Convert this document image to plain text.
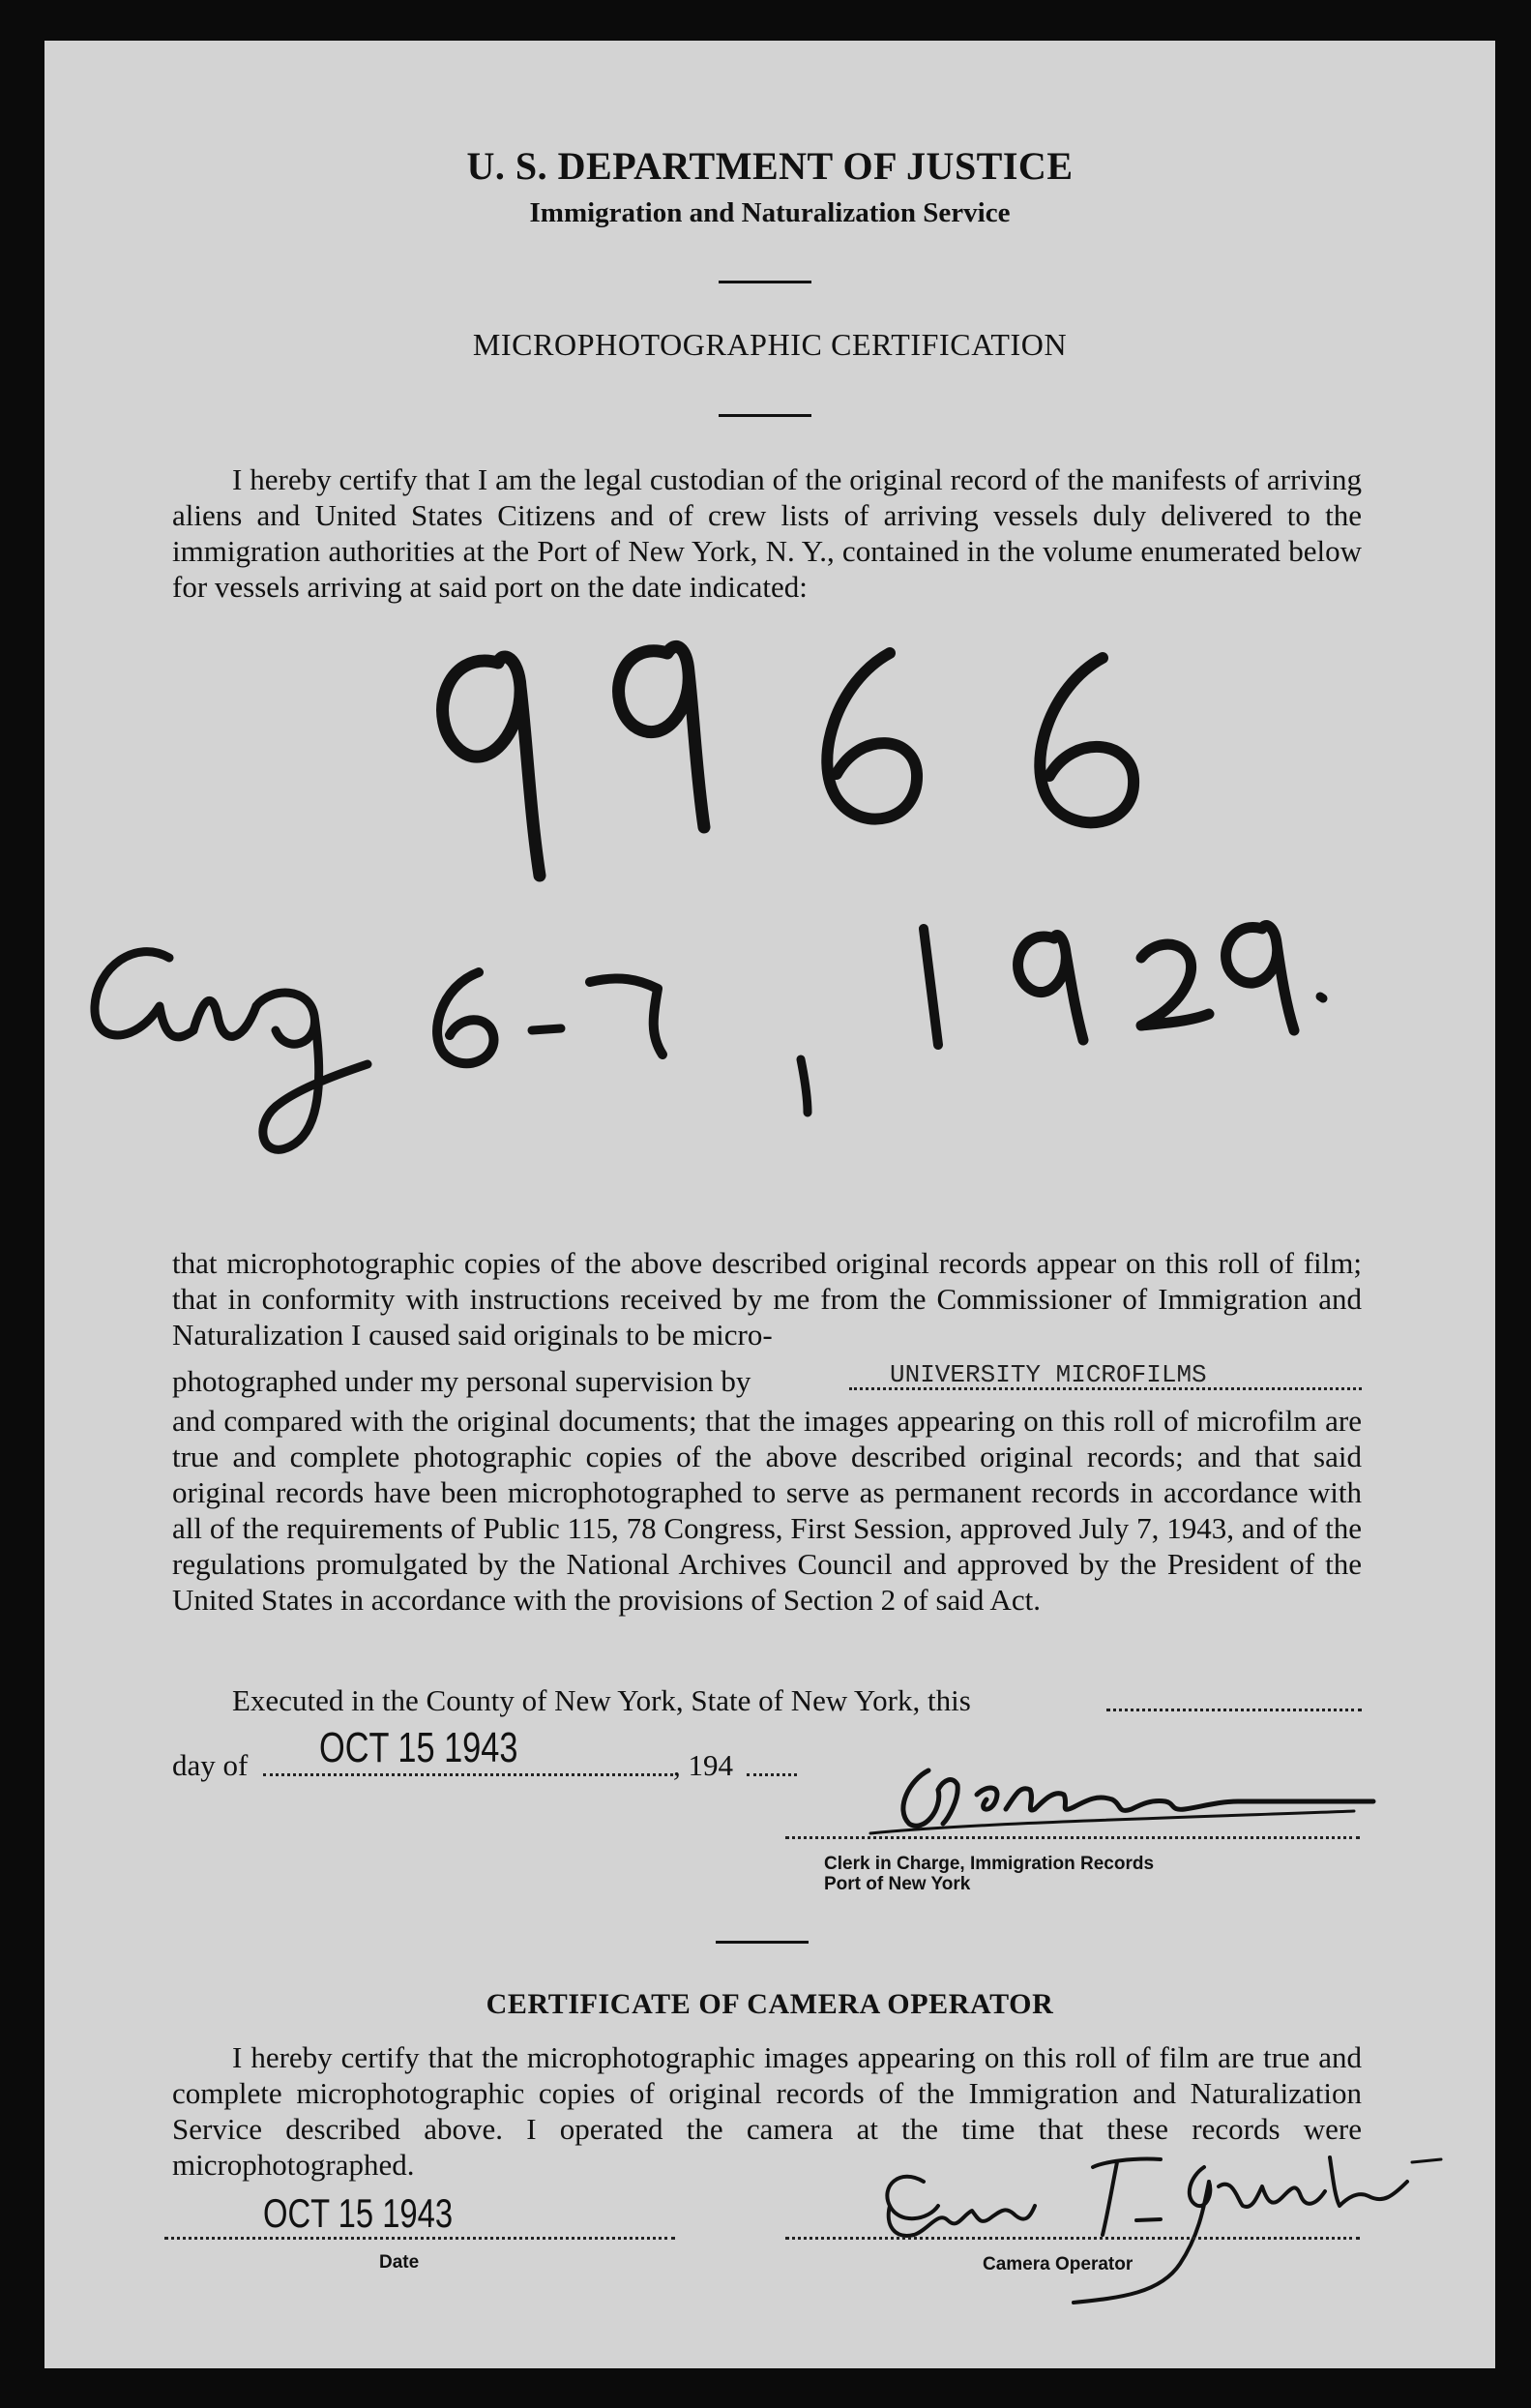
U. S. DEPARTMENT OF JUSTICE
Immigration and Naturalization Service
MICROPHOTOGRAPHIC CERTIFICATION
I hereby certify that I am the legal custodian of the original record of the manifests of arriving aliens and United States Citizens and of crew lists of arriving vessels duly delivered to the immigration authorities at the Port of New York, N. Y., contained in the volume enumerated below for vessels arriving at said port on the date indicated:
that microphotographic copies of the above described original records appear on this roll of film; that in conformity with instructions received by me from the Commissioner of Immigration and Naturalization I caused said originals to be micro-
photographed under my personal supervision by	UNIVERSITY MICROFILMS
and compared with the original documents; that the images appearing on this roll of microfilm are true and complete photographic copies of the above described original records; and that said original records have been microphotographed to serve as permanent records in accordance with all of the requirements of Public 115, 78 Congress, First Session, approved July 7, 1943, and of the regulations promulgated by the National Archives Council and approved by the President of the United States in accordance with the provisions of Section 2 of said Act.
Executed in the County of New York, State of New York, this
day of OCT 15 1943	, 194
Clerk in Charge, Immigration Records
Port of New York
CERTIFICATE OF CAMERA OPERATOR
I hereby certify that the microphotographic images appearing on this roll of film are true and complete microphotographic copies of original records of the Immigration and Naturalization Service described above. I operated the camera at the time that these records were microphotographed.
OCT 15 1943
Date	Camera Operator
